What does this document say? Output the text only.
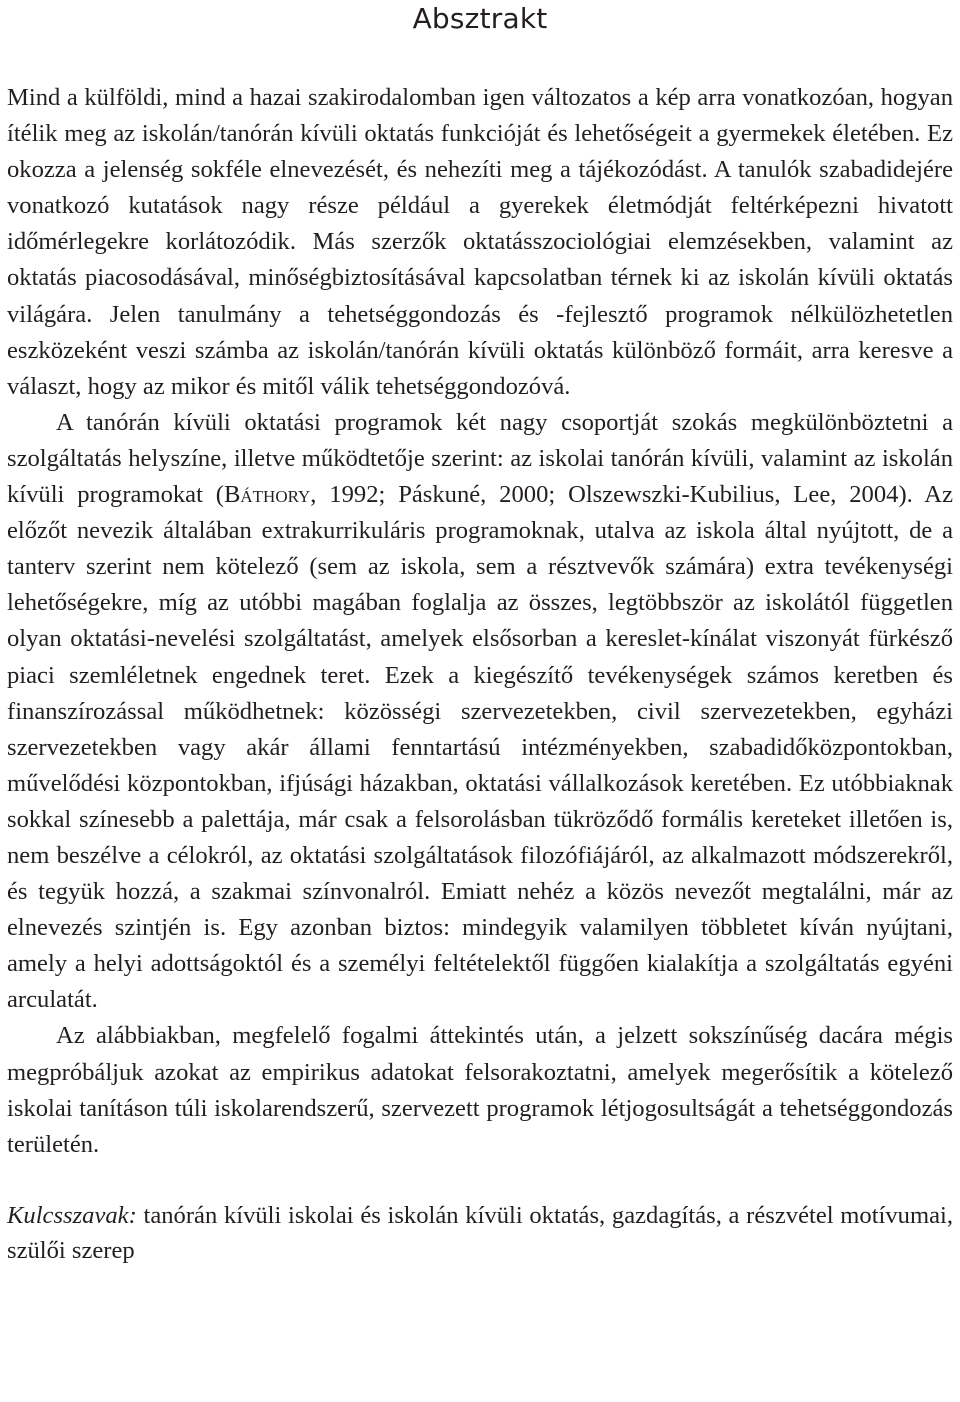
Absztrakt

Mind a külföldi, mind a hazai szakirodalomban igen változatos a kép arra vonatkozóan, hogyan ítélik meg az iskolán/tanórán kívüli oktatás funkcióját és lehetőségeit a gyermekek életében. Ez okozza a jelenség sokféle elnevezését, és nehezíti meg a tájékozódást. A tanulók szabadidejére vonatkozó kutatások nagy része például a gyerekek életmódját feltérképezni hivatott időmérlegekre korlátozódik. Más szerzők oktatásszociológiai elemzésekben, valamint az oktatás piacosodásával, minőségbiztosításával kapcsolatban térnek ki az iskolán kívüli oktatás világára. Jelen tanulmány a tehetséggondozás és -fejlesztő programok nélkülözhetetlen eszközeként veszi számba az iskolán/tanórán kívüli oktatás különböző formáit, arra keresve a választ, hogy az mikor és mitől válik tehetséggondozóvá.

A tanórán kívüli oktatási programok két nagy csoportját szokás megkülönböztetni a szolgáltatás helyszíne, illetve működtetője szerint: az iskolai tanórán kívüli, valamint az iskolán kívüli programokat (Báthory, 1992; Páskuné, 2000; Olszewszki-Kubilius, Lee, 2004). Az előzőt nevezik általában extrakurrikuláris programoknak, utalva az iskola által nyújtott, de a tanterv szerint nem kötelező (sem az iskola, sem a résztvevők számára) extra tevékenységi lehetőségekre, míg az utóbbi magában foglalja az összes, legtöbbször az iskolától független olyan oktatási-nevelési szolgáltatást, amelyek elsősorban a kereslet-kínálat viszonyát fürkésző piaci szemléletnek engednek teret. Ezek a kiegészítő tevékenységek számos keretben és finanszírozással működhetnek: közösségi szervezetekben, civil szervezetekben, egyházi szervezetekben vagy akár állami fenntartású intézményekben, szabadidőközpontokban, művelődési központokban, ifjúsági házakban, oktatási vállalkozások keretében. Ez utóbbiaknak sokkal színesebb a palettája, már csak a felsorolásban tükröződő formális kereteket illetően is, nem beszélve a célokról, az oktatási szolgáltatások filozófiájáról, az alkalmazott módszerekről, és tegyük hozzá, a szakmai színvonalról. Emiatt nehéz a közös nevezőt megtalálni, már az elnevezés szintjén is. Egy azonban biztos: mindegyik valamilyen többletet kíván nyújtani, amely a helyi adottságoktól és a személyi feltételektől függően kialakítja a szolgáltatás egyéni arculatát.

Az alábbiakban, megfelelő fogalmi áttekintés után, a jelzett sokszínűség dacára mégis megpróbáljuk azokat az empirikus adatokat felsorakoztatni, amelyek megerősítik a kötelező iskolai tanításon túli iskolarendszerű, szervezett programok létjogosultságát a tehetséggondozás területén.

Kulcsszavak: tanórán kívüli iskolai és iskolán kívüli oktatás, gazdagítás, a részvétel motívumai, szülői szerep
